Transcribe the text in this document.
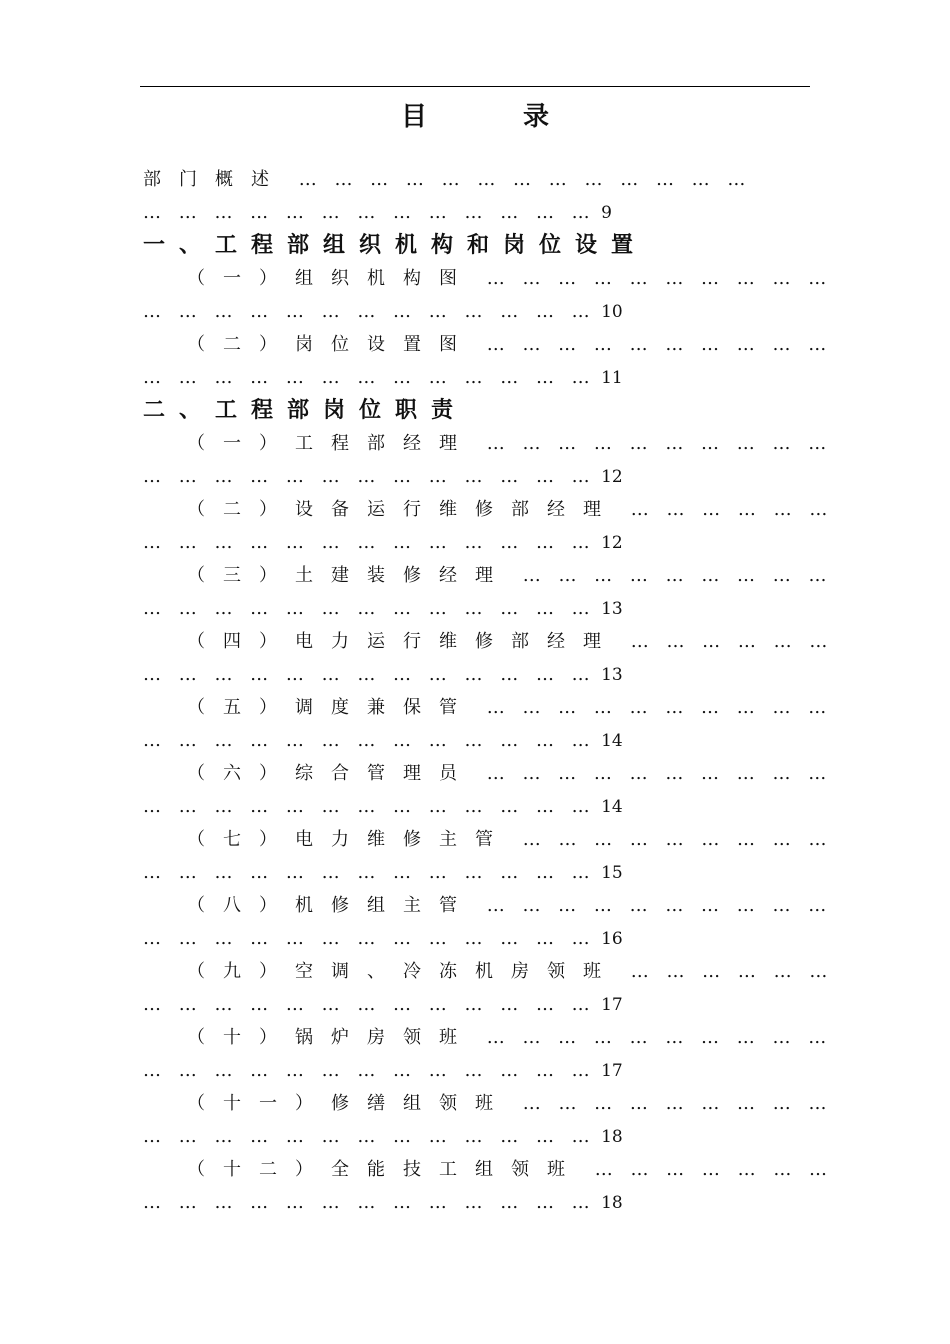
目	录
部门概述 … … … … … … … … … … … … …
… … … … … … … … … … … … … 9
一、工程部组织机构和岗位设置
（一）组织机构图 … … … … … … … … … …
… … … … … … … … … … … … … 10
（二）岗位设置图 … … … … … … … … … …
… … … … … … … … … … … … … 11
二、工程部岗位职责
（一）工程部经理 … … … … … … … … … …
… … … … … … … … … … … … … 12
（二）设备运行维修部经理 … … … … … …
… … … … … … … … … … … … … 12
（三）土建装修经理 … … … … … … … … …
… … … … … … … … … … … … … 13
（四）电力运行维修部经理 … … … … … …
… … … … … … … … … … … … … 13
（五）调度兼保管 … … … … … … … … … …
… … … … … … … … … … … … … 14
（六）综合管理员 … … … … … … … … … …
… … … … … … … … … … … … … 14
（七）电力维修主管 … … … … … … … … …
… … … … … … … … … … … … … 15
（八）机修组主管 … … … … … … … … … …
… … … … … … … … … … … … … 16
（九）空调、冷冻机房领班 … … … … … …
… … … … … … … … … … … … … 17
（十）锅炉房领班 … … … … … … … … … …
… … … … … … … … … … … … … 17
（十一）修缮组领班 … … … … … … … … …
… … … … … … … … … … … … … 18
（十二）全能技工组领班 … … … … … … …
… … … … … … … … … … … … … 18
